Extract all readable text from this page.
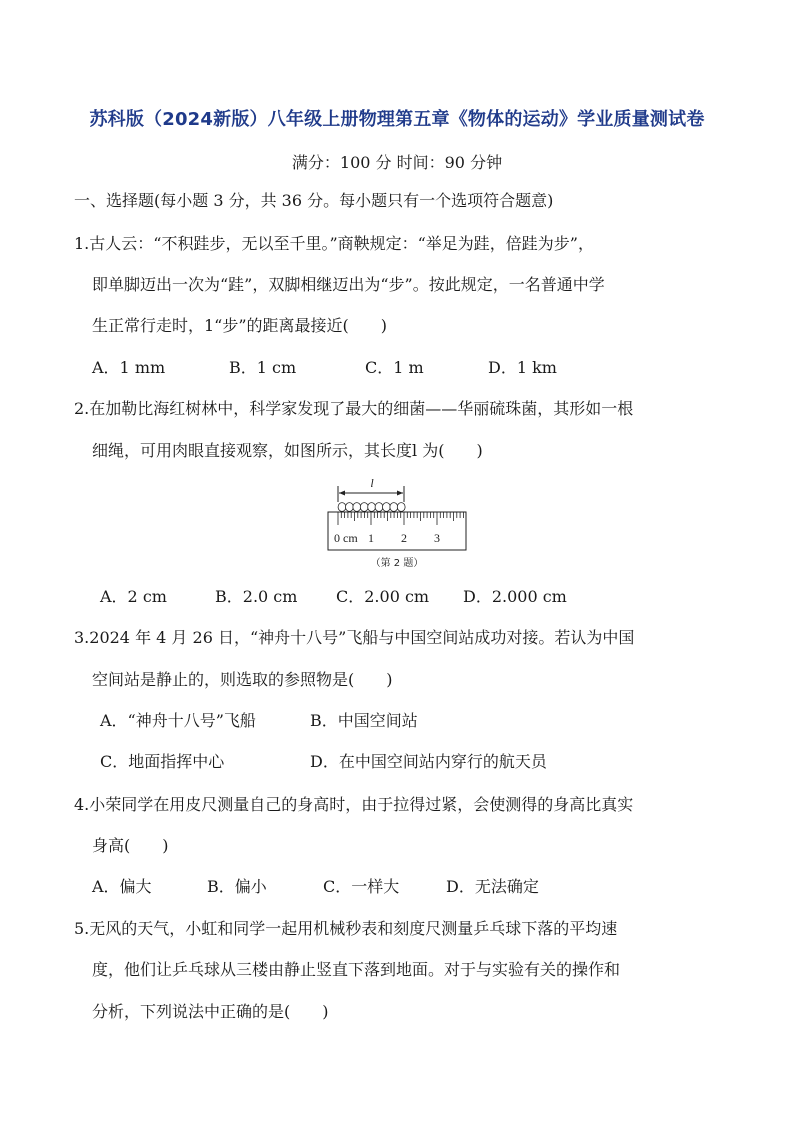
苏科版（2024新版）八年级上册物理第五章《物体的运动》学业质量测试卷
满分：100 分 时间：90 分钟
一、选择题(每小题 3 分，共 36 分。每小题只有一个选项符合题意)
1.古人云：“不积跬步，无以至千里。”商鞅规定：“举足为跬，倍跬为步”，
即单脚迈出一次为“跬”，双脚相继迈出为“步”。按此规定，一名普通中学
生正常行走时，1“步”的距离最接近(　　)
A．1 mm	B．1 cm	C．1 m	D．1 km
2.在加勒比海红树林中，科学家发现了最大的细菌——华丽硫珠菌，其形如一根
细绳，可用肉眼直接观察，如图所示，其长度l 为(　　)
l
0 cm 1 2 3
（第 2 题）
A．2 cm	B．2.0 cm C．2.00 cm D．2.000 cm
3.2024 年 4 月 26 日，“神舟十八号”飞船与中国空间站成功对接。若认为中国
空间站是静止的，则选取的参照物是(　　)
A．“神舟十八号”飞船	B．中国空间站
C．地面指挥中心	D．在中国空间站内穿行的航天员
4.小荣同学在用皮尺测量自己的身高时，由于拉得过紧，会使测得的身高比真实
身高(　　)
A．偏大	B．偏小	C．一样大	D．无法确定
5.无风的天气，小虹和同学一起用机械秒表和刻度尺测量乒乓球下落的平均速
度，他们让乒乓球从三楼由静止竖直下落到地面。对于与实验有关的操作和
分析，下列说法中正确的是(　　)
